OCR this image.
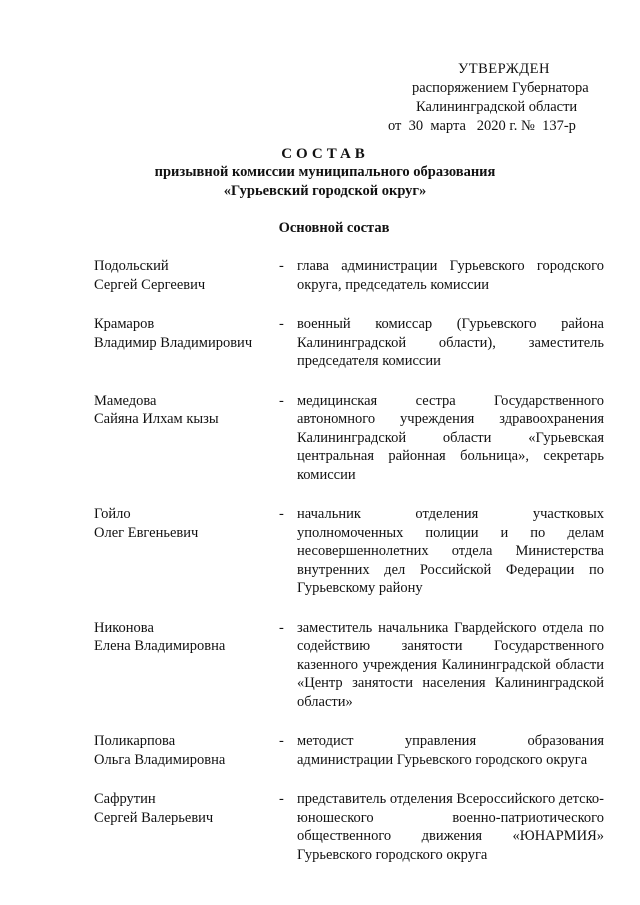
УТВЕРЖДЕН
распоряжением Губернатора
Калининградской области
от  30  марта   2020 г. №  137-р
СОСТАВ
призывной комиссии муниципального образования
«Гурьевский городской округ»
Основной состав
Подольский
Сергей Сергеевич
- глава администрации Гурьевского городского округа, председатель комиссии
Крамаров
Владимир Владимирович
- военный комиссар (Гурьевского района Калининградской области), заместитель председателя комиссии
Мамедова
Сайяна Илхам кызы
- медицинская сестра Государственного автономного учреждения здравоохранения Калининградской области «Гурьевская центральная районная больница», секретарь комиссии
Гойло
Олег Евгеньевич
- начальник отделения участковых уполномоченных полиции и по делам несовершеннолетних отдела Министерства внутренних дел Российской Федерации по Гурьевскому району
Никонова
Елена Владимировна
- заместитель начальника Гвардейского отдела по содействию занятости Государственного казенного учреждения Калининградской области «Центр занятости населения Калининградской области»
Поликарпова
Ольга Владимировна
- методист управления образования администрации Гурьевского городского округа
Сафрутин
Сергей Валерьевич
- представитель отделения Всероссийского детско-юношеского военно-патриотического общественного движения «ЮНАРМИЯ» Гурьевского городского округа
